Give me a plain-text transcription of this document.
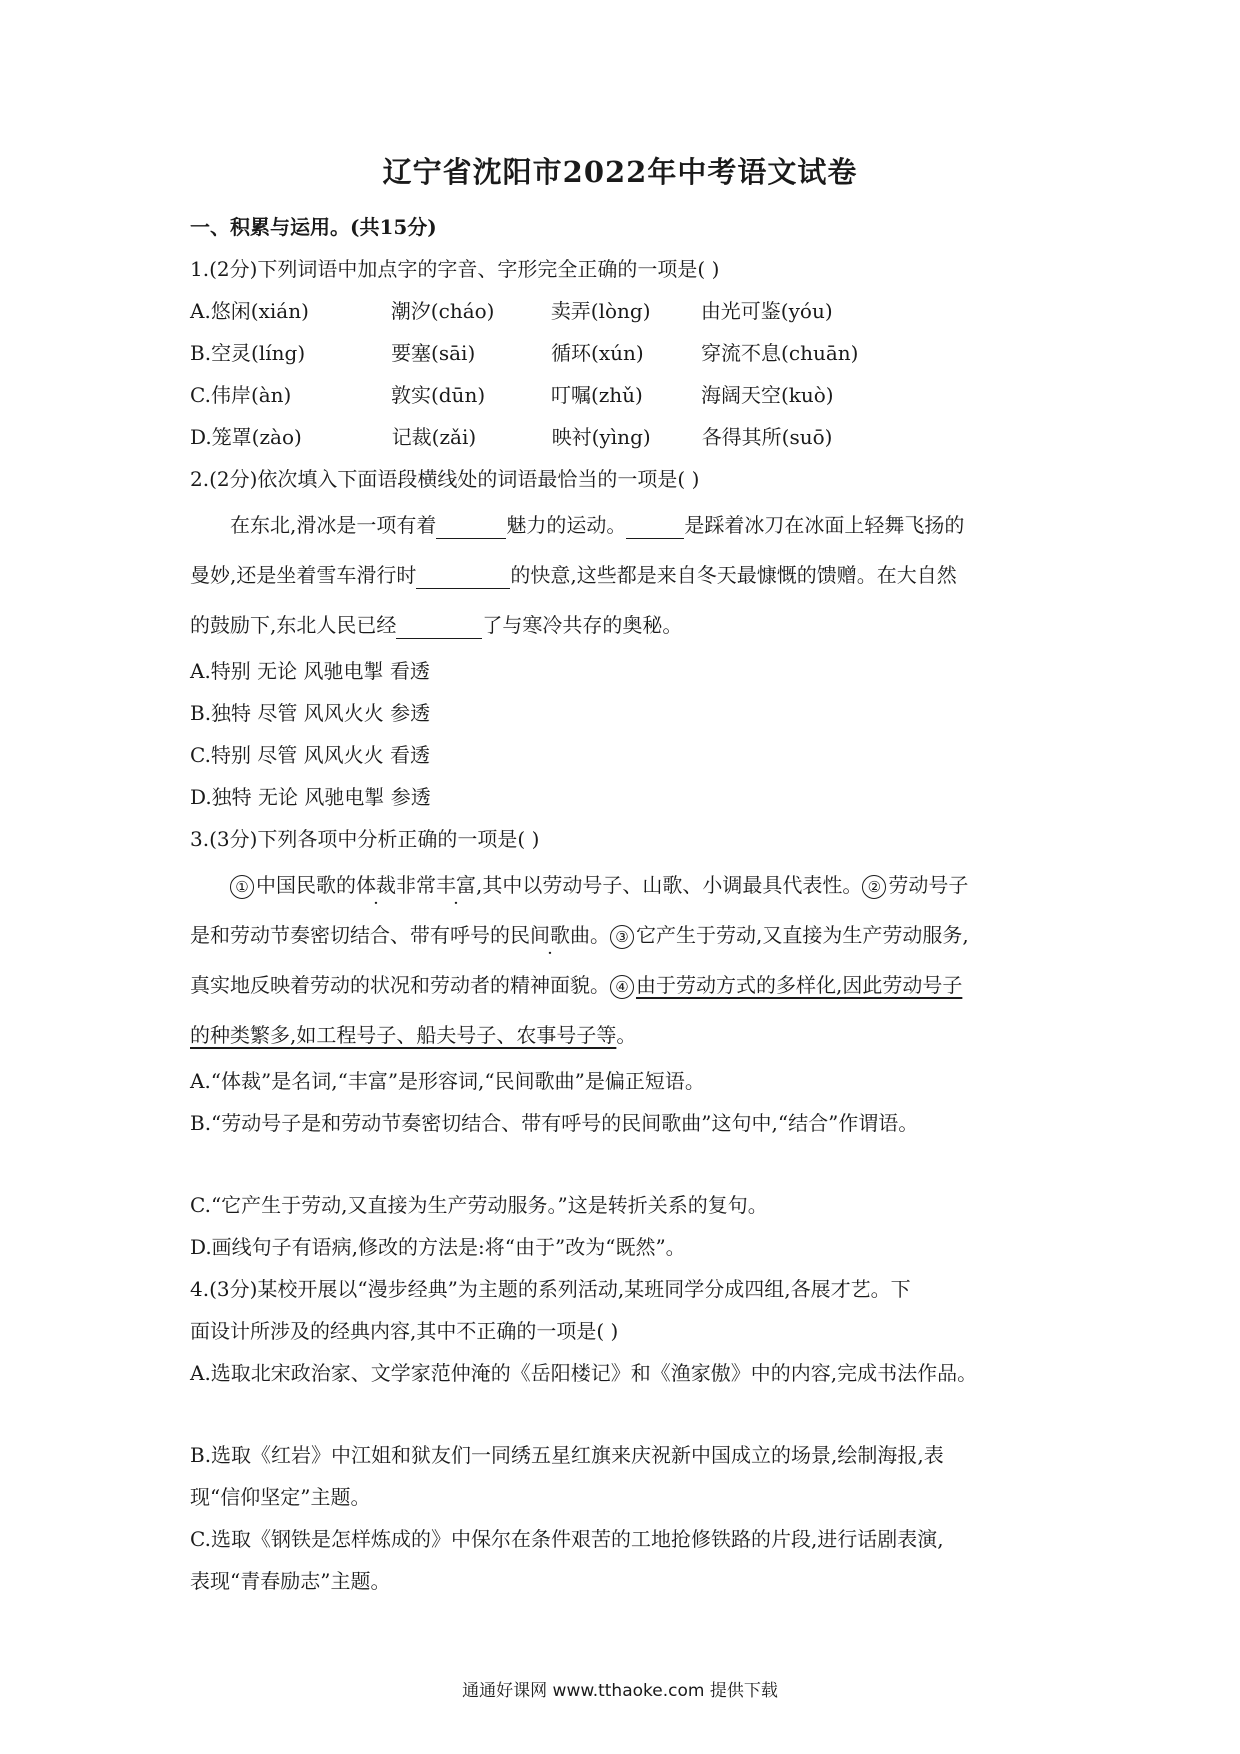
辽宁省沈阳市2022年中考语文试卷
一、积累与运用。(共15分)
1.(2分)下列词语中加点字的字音、字形完全正确的一项是( )
A.悠闲(xián)	潮汐(cháo)	卖弄(lòng)	由光可鉴(yóu)
B.空灵(líng)	要塞(sāi)	循环(xún)	穿流不息(chuān)
C.伟岸(àn)	敦实(dūn)	叮嘱(zhǔ)	海阔天空(kuò)
D.笼罩(zào)	记裁(zǎi)	映衬(yìng)	各得其所(suō)
2.(2分)依次填入下面语段横线处的词语最恰当的一项是( )
在东北,滑冰是一项有着	魅力的运动。	是踩着冰刀在冰面上轻舞飞扬的
曼妙,还是坐着雪车滑行时	的快意,这些都是来自冬天最慷慨的馈赠。在大自然
的鼓励下,东北人民已经	了与寒冷共存的奥秘。
A.特别 无论 风驰电掣 看透
B.独特 尽管 风风火火 参透
C.特别 尽管 风风火火 看透
D.独特 无论 风驰电掣 参透
3.(3分)下列各项中分析正确的一项是( )
① 中国民歌的体裁非常丰富,其中以劳动号子、山歌、小调最具代表性。 ② 劳动号子
是和劳动节奏密切结合、带有呼号的民间歌曲。 ③ 它产生于劳动,又直接为生产劳动服务,
真实地反映着劳动的状况和劳动者的精神面貌。 ④ 由于劳动方式的多样化,因此劳动号子
的种类繁多,如工程号子、船夫号子、农事号子等。
A.“体裁”是名词,“丰富”是形容词,“民间歌曲”是偏正短语。
B.“劳动号子是和劳动节奏密切结合、带有呼号的民间歌曲”这句中,“结合”作谓语。
C.“它产生于劳动,又直接为生产劳动服务。”这是转折关系的复句。
D.画线句子有语病,修改的方法是:将“由于”改为“既然”。
4.(3分)某校开展以“漫步经典”为主题的系列活动,某班同学分成四组,各展才艺。下
面设计所涉及的经典内容,其中不正确的一项是( )
A.选取北宋政治家、文学家范仲淹的《岳阳楼记》和《渔家傲》中的内容,完成书法作品。
B.选取《红岩》中江姐和狱友们一同绣五星红旗来庆祝新中国成立的场景,绘制海报,表
现“信仰坚定”主题。
C.选取《钢铁是怎样炼成的》中保尔在条件艰苦的工地抢修铁路的片段,进行话剧表演,
表现“青春励志”主题。
通通好课网 www.tthaoke.com 提供下载
